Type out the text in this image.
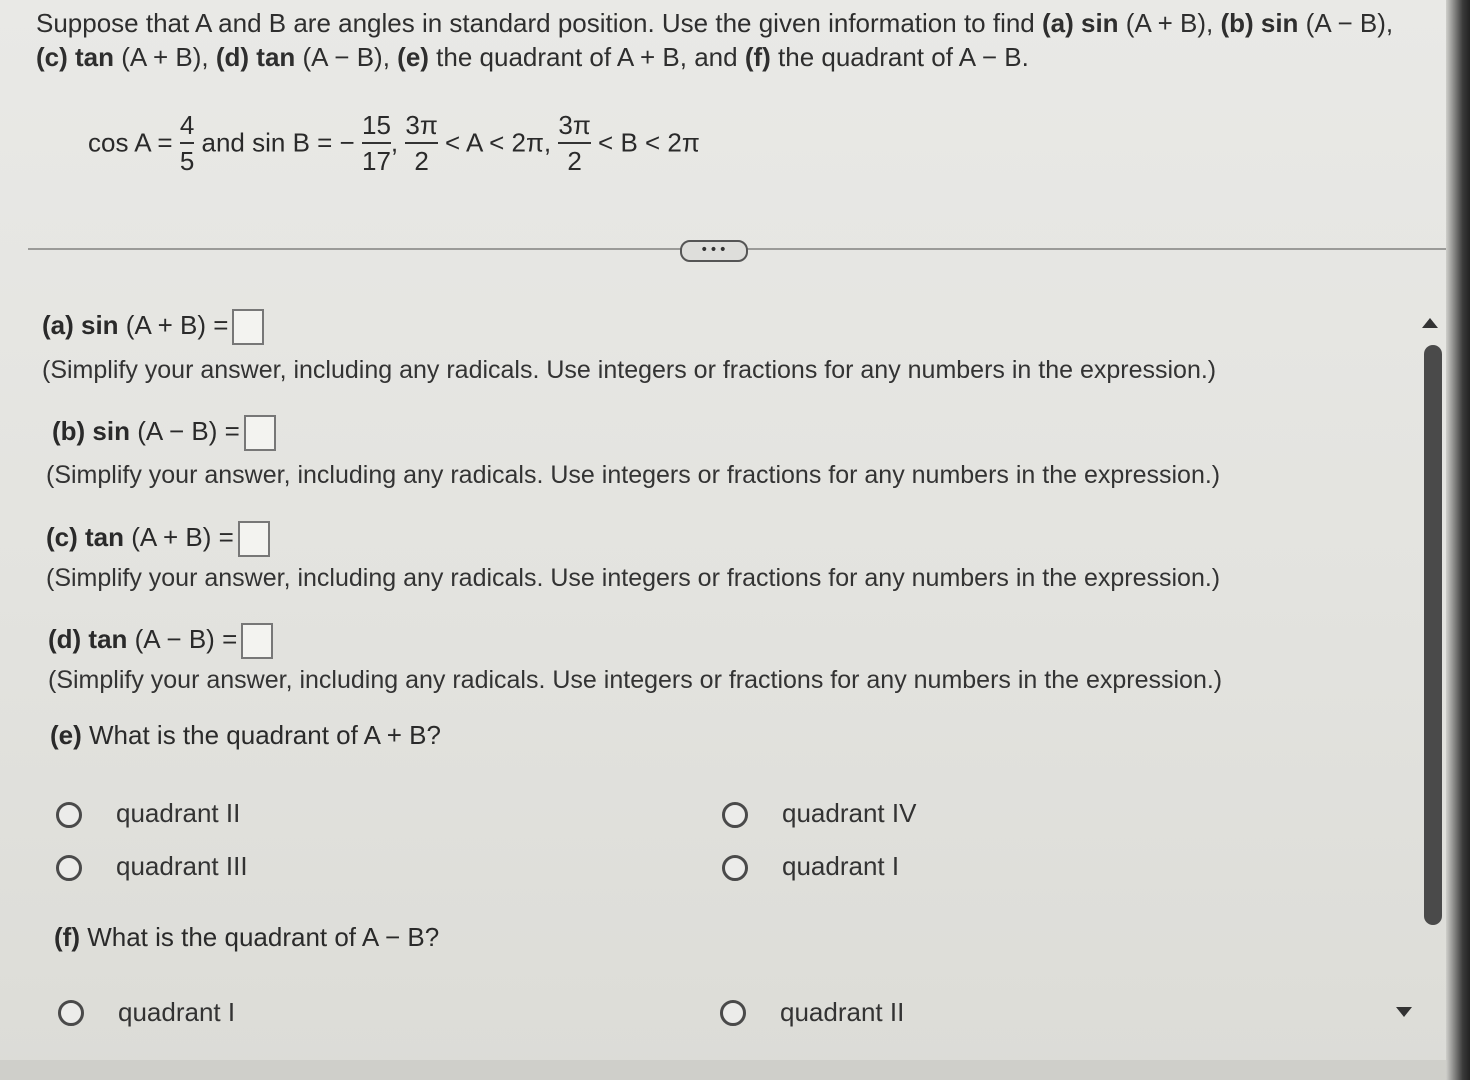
Suppose that A and B are angles in standard position. Use the given information to find (a) sin (A + B), (b) sin (A − B),
(c) tan (A + B), (d) tan (A − B), (e) the quadrant of A + B, and (f) the quadrant of A − B.
$\cos A = \frac{4}{5}$ and sin B = − $\frac{15}{17}$ , $\frac{3\pi}{2} < A < 2\pi$, $\frac{3\pi}{2} < B < 2\pi$
•••
(a) sin (A + B) =
(Simplify your answer, including any radicals. Use integers or fractions for any numbers in the expression.)
(b) sin (A − B) =
(Simplify your answer, including any radicals. Use integers or fractions for any numbers in the expression.)
(c) tan (A + B) =
(Simplify your answer, including any radicals. Use integers or fractions for any numbers in the expression.)
(d) tan (A − B) =
(Simplify your answer, including any radicals. Use integers or fractions for any numbers in the expression.)
(e) What is the quadrant of A + B?
quadrant II
quadrant III
quadrant IV
quadrant I
(f) What is the quadrant of A − B?
quadrant I	quadrant II
